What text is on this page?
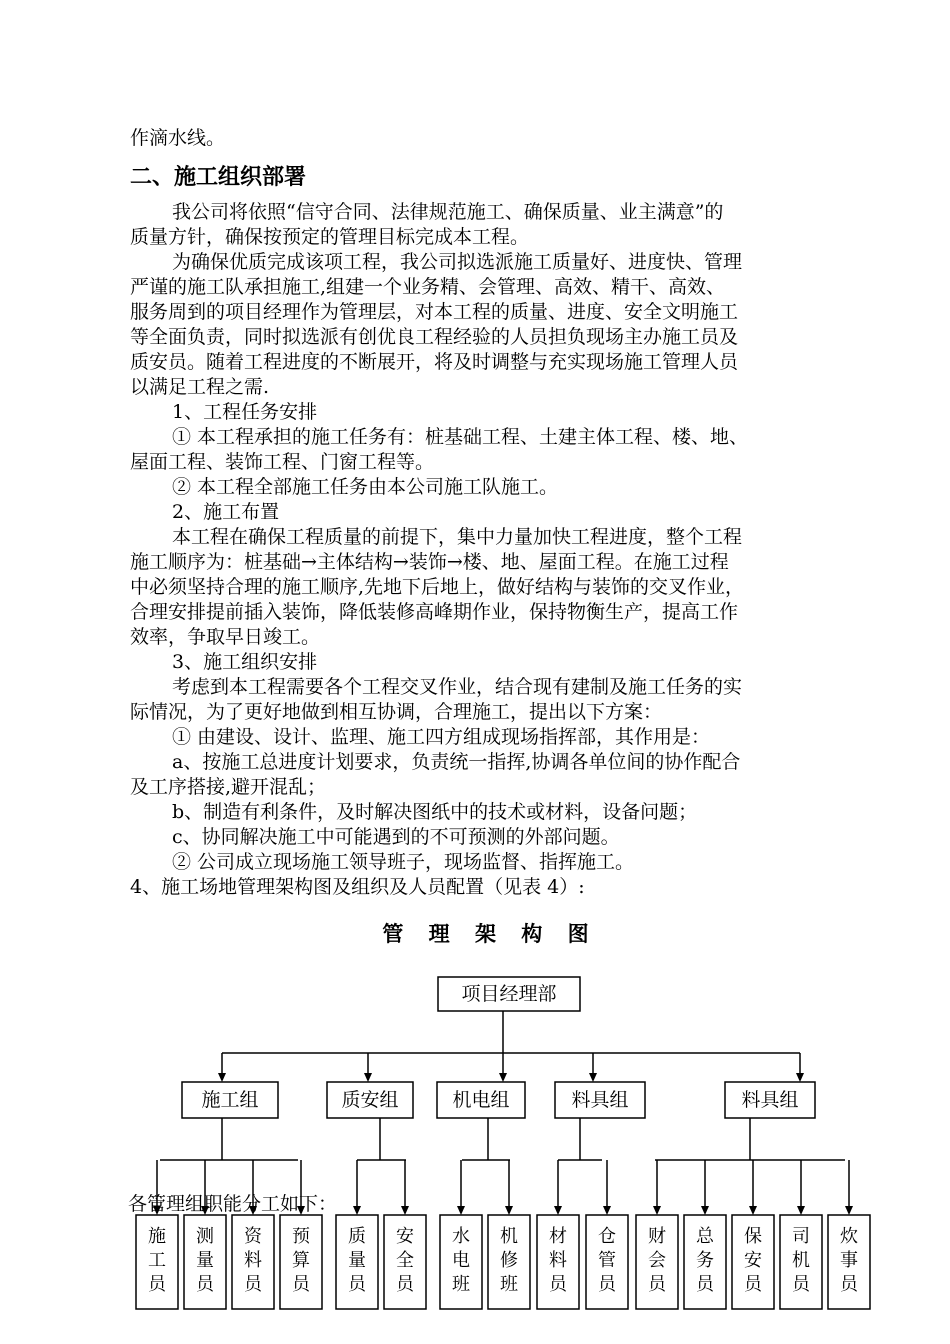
作滴水线。
二、施工组织部署
我公司将依照“信守合同、法律规范施工、确保质量、业主满意”的
质量方针，确保按预定的管理目标完成本工程。
为确保优质完成该项工程，我公司拟选派施工质量好、进度快、管理
严谨的施工队承担施工,组建一个业务精、会管理、高效、精干、高效、
服务周到的项目经理作为管理层，对本工程的质量、进度、安全文明施工
等全面负责，同时拟选派有创优良工程经验的人员担负现场主办施工员及
质安员。随着工程进度的不断展开，将及时调整与充实现场施工管理人员
以满足工程之需.
1、工程任务安排
① 本工程承担的施工任务有：桩基础工程、土建主体工程、楼、地、
屋面工程、装饰工程、门窗工程等。
② 本工程全部施工任务由本公司施工队施工。
2、施工布置
本工程在确保工程质量的前提下，集中力量加快工程进度，整个工程
施工顺序为：桩基础→主体结构→装饰→楼、地、屋面工程。在施工过程
中必须坚持合理的施工顺序,先地下后地上，做好结构与装饰的交叉作业，
合理安排提前插入装饰，降低装修高峰期作业，保持物衡生产，提高工作
效率，争取早日竣工。
3、施工组织安排
考虑到本工程需要各个工程交叉作业，结合现有建制及施工任务的实
际情况，为了更好地做到相互协调，合理施工，提出以下方案：
① 由建设、设计、监理、施工四方组成现场指挥部，其作用是：
a、按施工总进度计划要求，负责统一指挥,协调各单位间的协作配合
及工序搭接,避开混乱；
b、制造有利条件，及时解决图纸中的技术或材料，设备问题；
c、协同解决施工中可能遇到的不可预测的外部问题。
② 公司成立现场施工领导班子，现场监督、指挥施工。
4、施工场地管理架构图及组织及人员配置（见表 4）:
管 理 架 构 图
项目经理部
施工组	质安组	机电组	料具组	料具组
施
工
员
测
量
员
资
料
员
预
算
员
质
量
员
安
全
员
水
电
班
机
修
班
材
料
员
仓
管
员
财
会
员
总
务
员
保
安
员
司
机
员
炊
事
员
各管理组职能分工如下：
